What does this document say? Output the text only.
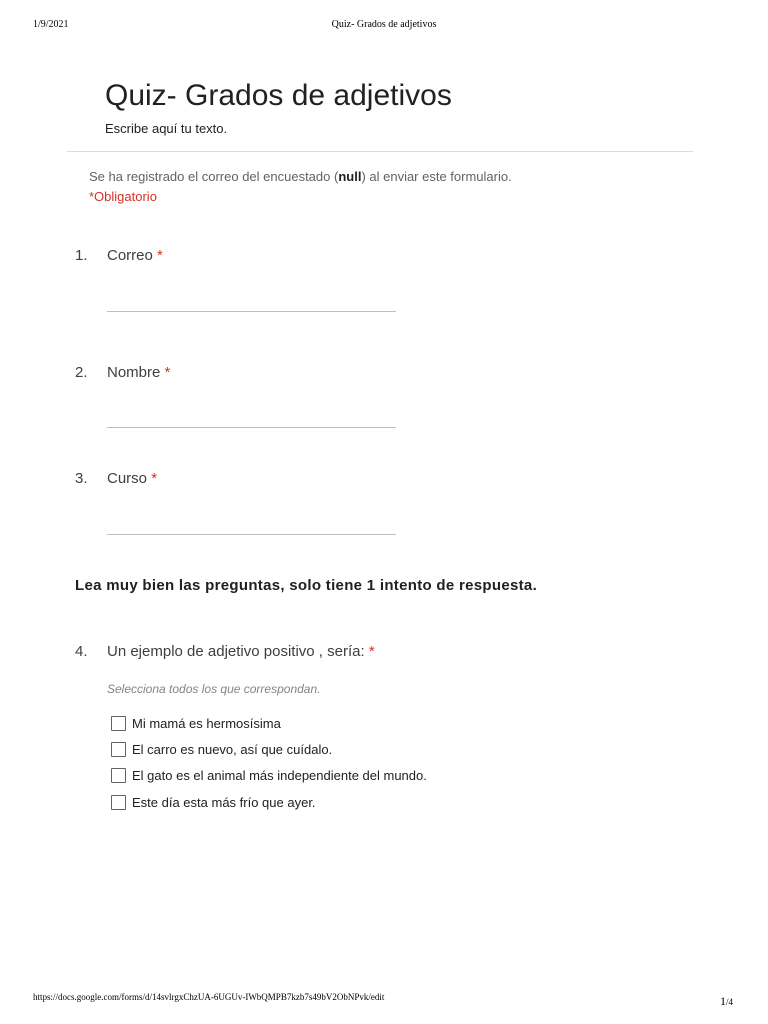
1/9/2021	Quiz- Grados de adjetivos
Quiz- Grados de adjetivos
Escribe aquí tu texto.
Se ha registrado el correo del encuestado (null) al enviar este formulario.
*Obligatorio
1. Correo *
2. Nombre *
3. Curso *
Lea muy bien las preguntas, solo tiene 1 intento de respuesta.
4. Un ejemplo de adjetivo positivo , sería: *
Selecciona todos los que correspondan.
Mi mamá es hermosísima
El carro es nuevo, así que cuídalo.
El gato es el animal más independiente del mundo.
Este día esta más frío que ayer.
https://docs.google.com/forms/d/14svlrgxChzUA-6UGUv-IWbQMPB7kzb7s49bV2ObNPvk/edit	1/4
